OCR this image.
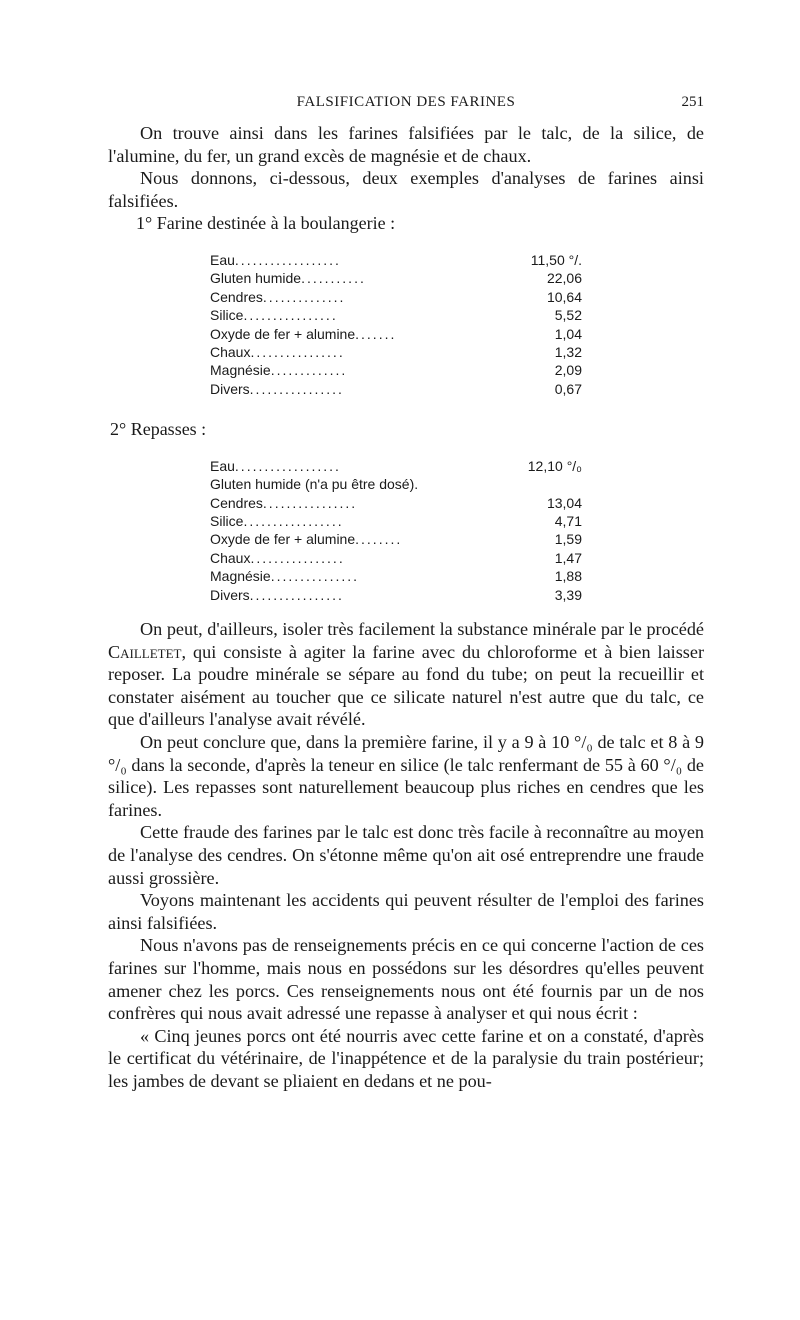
FALSIFICATION DES FARINES	251

On trouve ainsi dans les farines falsifiées par le talc, de la silice, de l'alumine, du fer, un grand excès de magnésie et de chaux.

Nous donnons, ci-dessous, deux exemples d'analyses de farines ainsi falsifiées.

1° Farine destinée à la boulangerie :
Eau..................	11,50 °/.
Gluten humide...........	22,06
Cendres..............	10,64
Silice................	5,52
Oxyde de fer + alumine.......	1,04
Chaux................	1,32
Magnésie.............	2,09
Divers................	0,67
2° Repasses :
Eau..................	12,10 °/₀
Gluten humide (n'a pu être dosé).	
Cendres................	13,04
Silice.................	4,71
Oxyde de fer + alumine........	1,59
Chaux................	1,47
Magnésie...............	1,88
Divers................	3,39

On peut, d'ailleurs, isoler très facilement la substance minérale par le procédé Cailletet, qui consiste à agiter la farine avec du chloroforme et à bien laisser reposer. La poudre minérale se sépare au fond du tube; on peut la recueillir et constater aisément au toucher que ce silicate naturel n'est autre que du talc, ce que d'ailleurs l'analyse avait révélé.

On peut conclure que, dans la première farine, il y a 9 à 10 °/₀ de talc et 8 à 9 °/₀ dans la seconde, d'après la teneur en silice (le talc renfermant de 55 à 60 °/₀ de silice). Les repasses sont naturellement beaucoup plus riches en cendres que les farines.

Cette fraude des farines par le talc est donc très facile à reconnaître au moyen de l'analyse des cendres. On s'étonne même qu'on ait osé entreprendre une fraude aussi grossière.

Voyons maintenant les accidents qui peuvent résulter de l'emploi des farines ainsi falsifiées.

Nous n'avons pas de renseignements précis en ce qui concerne l'action de ces farines sur l'homme, mais nous en possédons sur les désordres qu'elles peuvent amener chez les porcs. Ces renseignements nous ont été fournis par un de nos confrères qui nous avait adressé une repasse à analyser et qui nous écrit :

« Cinq jeunes porcs ont été nourris avec cette farine et on a constaté, d'après le certificat du vétérinaire, de l'inappétence et de la paralysie du train postérieur; les jambes de devant se pliaient en dedans et ne pou-
